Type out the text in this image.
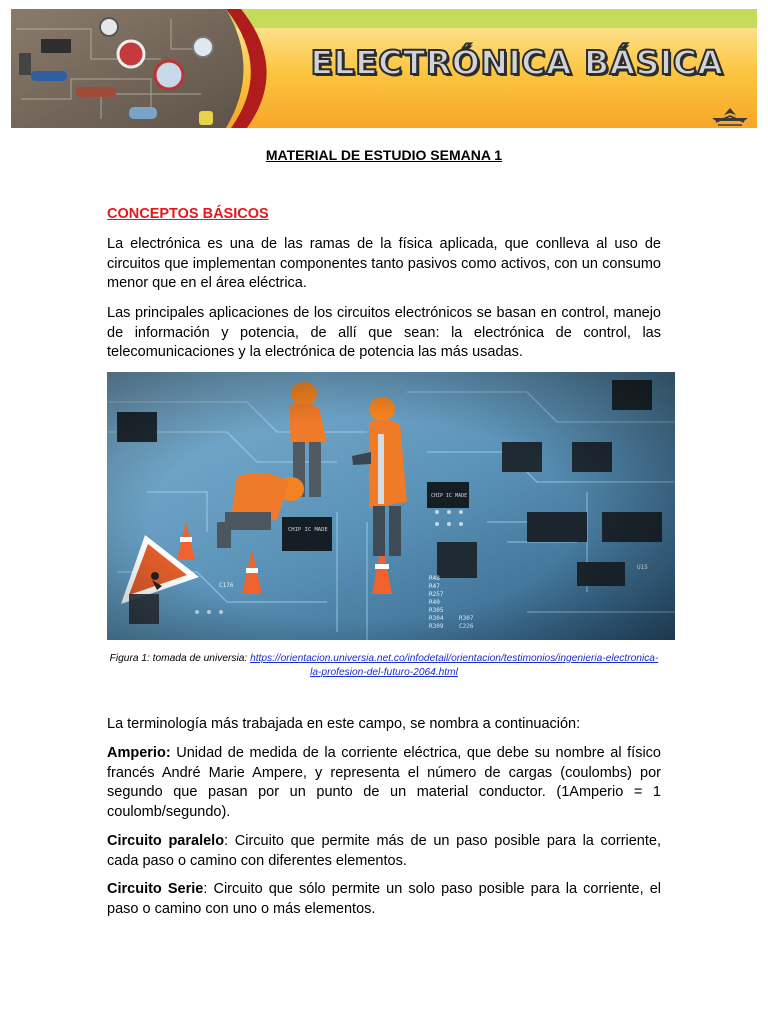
ELECTRÓNICA BÁSICA
MATERIAL DE ESTUDIO SEMANA 1
CONCEPTOS BÁSICOS

La electrónica es una de las ramas de la física aplicada, que conlleva al uso de circuitos que implementan componentes tanto pasivos como activos, con un consumo menor que en el área eléctrica.

Las principales aplicaciones de los circuitos electrónicos se basan en control, manejo de información y potencia, de allí que sean: la electrónica de control, las telecomunicaciones y la electrónica de potencia las más usadas.

Figura 1: tomada de universia: https://orientacion.universia.net.co/infodetail/orientacion/testimonios/ingenieria-electronica-la-profesion-del-futuro-2064.html

La terminología más trabajada en este campo, se nombra a continuación:

Amperio: Unidad de medida de la corriente eléctrica, que debe su nombre al físico francés André Marie Ampere, y representa el número de cargas (coulombs) por segundo que pasan por un punto de un material conductor. (1Amperio = 1 coulomb/segundo).

Circuito paralelo: Circuito que permite más de un paso posible para la corriente, cada paso o camino con diferentes elementos.

Circuito Serie: Circuito que sólo permite un solo paso posible para la corriente, el paso o camino con uno o más elementos.
